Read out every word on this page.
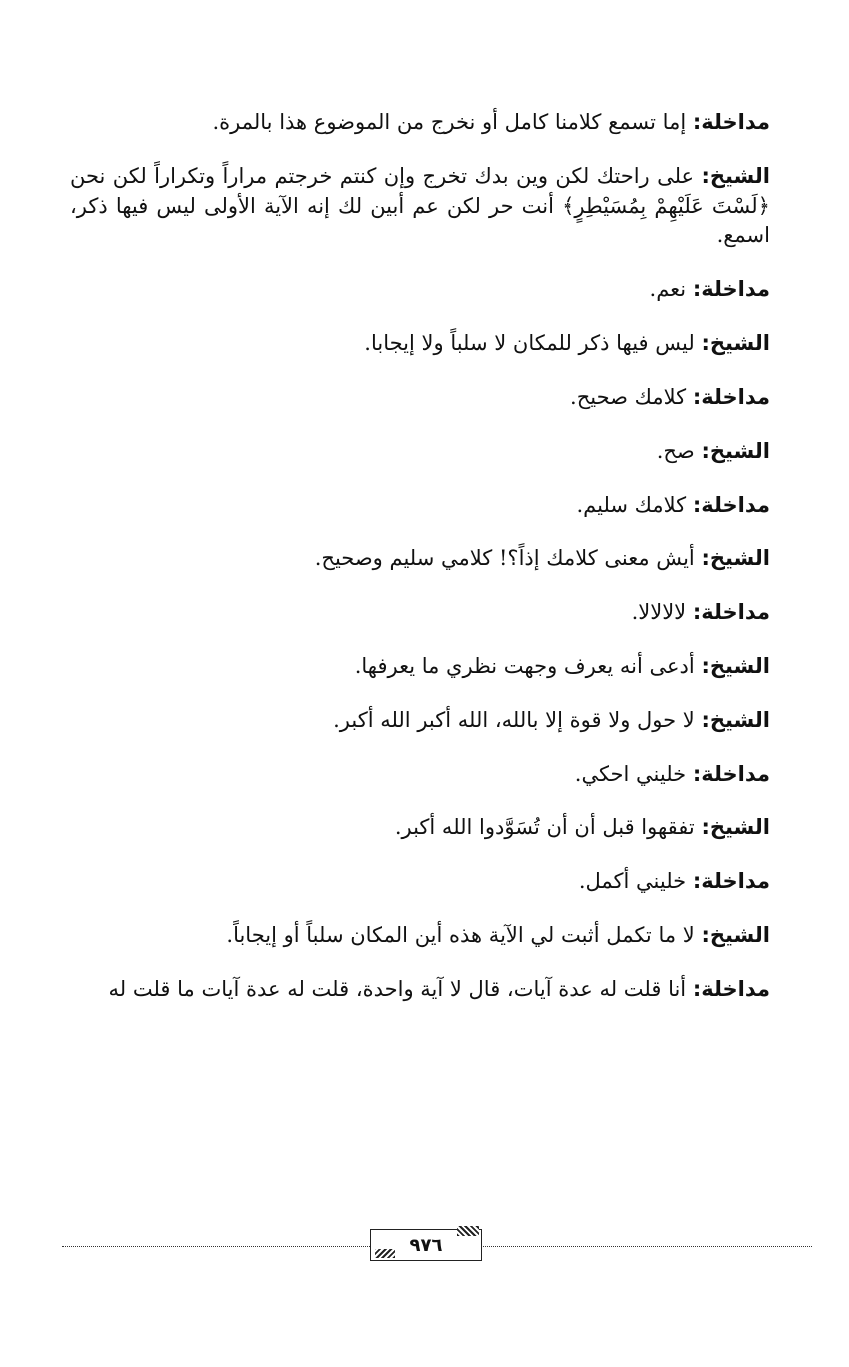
مداخلة: إما تسمع كلامنا كامل أو نخرج من الموضوع هذا بالمرة.

الشيخ: على راحتك لكن وين بدك تخرج وإن كنتم خرجتم مراراً وتكراراً لكن نحن ﴿لَسْتَ عَلَيْهِمْ بِمُسَيْطِرٍ﴾ أنت حر لكن عم أبين لك إنه الآية الأولى ليس فيها ذكر، اسمع.

مداخلة: نعم.

الشيخ: ليس فيها ذكر للمكان لا سلباً ولا إيجابا.

مداخلة: كلامك صحيح.

الشيخ: صح.

مداخلة: كلامك سليم.

الشيخ: أيش معنى كلامك إذاً؟! كلامي سليم وصحيح.

مداخلة: لالالالا.

الشيخ: أدعى أنه يعرف وجهت نظري ما يعرفها.

الشيخ: لا حول ولا قوة إلا بالله، الله أكبر الله أكبر.

مداخلة: خليني احكي.

الشيخ: تفقهوا قبل أن أن تُسَوَّدوا الله أكبر.

مداخلة: خليني أكمل.

الشيخ: لا ما تكمل أثبت لي الآية هذه أين المكان سلباً أو إيجاباً.

مداخلة: أنا قلت له عدة آيات، قال لا آية واحدة، قلت له عدة آيات ما قلت له

٩٧٦
